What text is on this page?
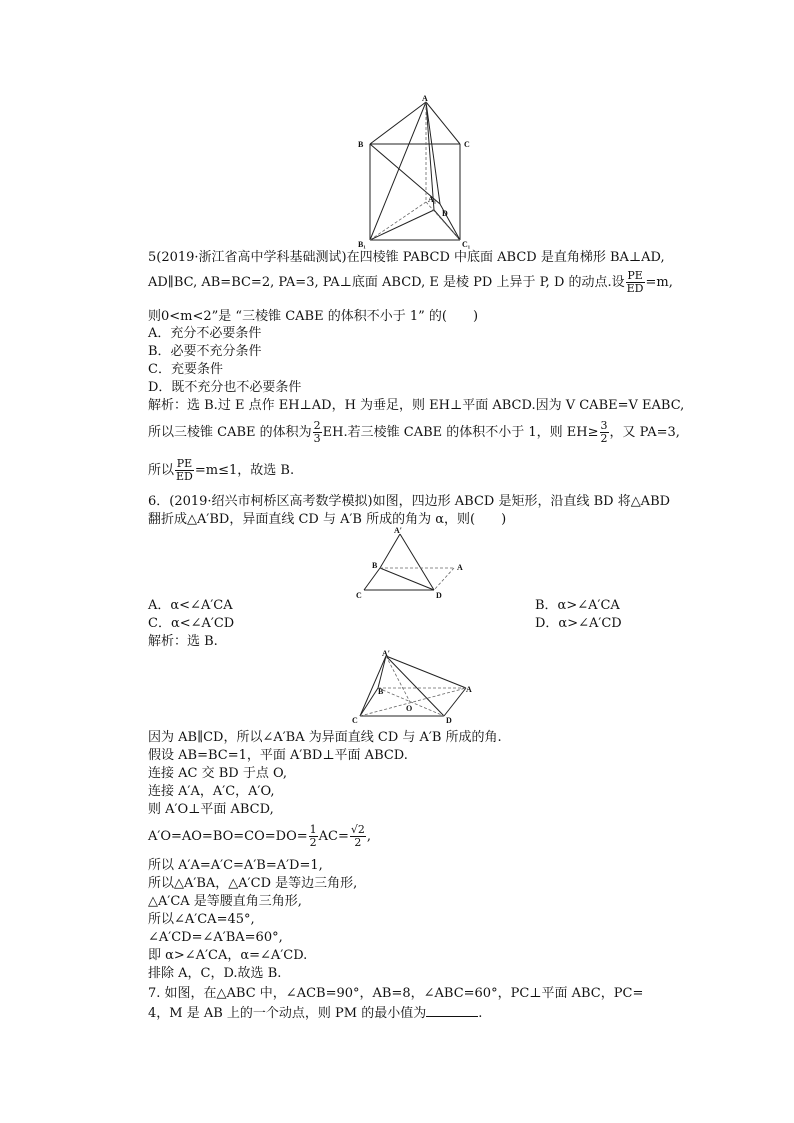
A
B	C
A₁
D
B₁	C₁
5(2019·浙江省高中学科基础测试)在四棱锥 PABCD 中底面 ABCD 是直角梯形 BA⊥AD,
AD∥BC, AB=BC=2, PA=3, PA⊥底面 ABCD, E 是棱 PD 上异于 P, D 的动点.设 $\frac{PE}{ED} =m$,
则0<m<2”是 “三棱锥 CABE 的体积不小于 1” 的(　　)
A．充分不必要条件
B．必要不充分条件
C．充要条件
D．既不充分也不必要条件
解析：选 B.过 E 点作 EH⊥AD，H 为垂足，则 EH⊥平面 ABCD.因为 V CABE=V EABC,
所以三棱锥 CABE 的体积为 $\frac{2}{3}$ EH.若三棱锥 CABE 的体积不小于 1，则 $EH\ge \frac{3}{2}$ ，又 PA=3,
所以 $\frac{PE}{ED} =m\le 1$，故选 B.
6．(2019·绍兴市柯桥区高考数学模拟)如图，四边形 ABCD 是矩形，沿直线 BD 将△ABD
翻折成△A′BD，异面直线 CD 与 A′B 所成的角为 α，则(　　)
A′
B	A
C	D
A．α<∠A′CA	B．α>∠A′CA
C．α<∠A′CD	D．α>∠A′CD
解析：选 B.
A′
B	A
O
C	D
因为 AB∥CD，所以∠A′BA 为异面直线 CD 与 A′B 所成的角.
假设 AB=BC=1，平面 A′BD⊥平面 ABCD.
连接 AC 交 BD 于点 O,
连接 A′A，A′C，A′O,
则 A′O⊥平面 ABCD,
$A'O=AO=BO=CO=DO= \frac{1}{2} AC= \frac{√2}{2}$ ,
所以 A′A=A′C=A′B=A′D=1,
所以△A′BA，△A′CD 是等边三角形,
△A′CA 是等腰直角三角形,
所以∠A′CA=45°,
∠A′CD=∠A′BA=60°,
即 α>∠A′CA，α=∠A′CD.
排除 A，C，D.故选 B.
7. 如图，在△ABC 中，∠ACB=90°，AB=8，∠ABC=60°，PC⊥平面 ABC，PC=
4，M 是 AB 上的一个动点，则 PM 的最小值为	.
